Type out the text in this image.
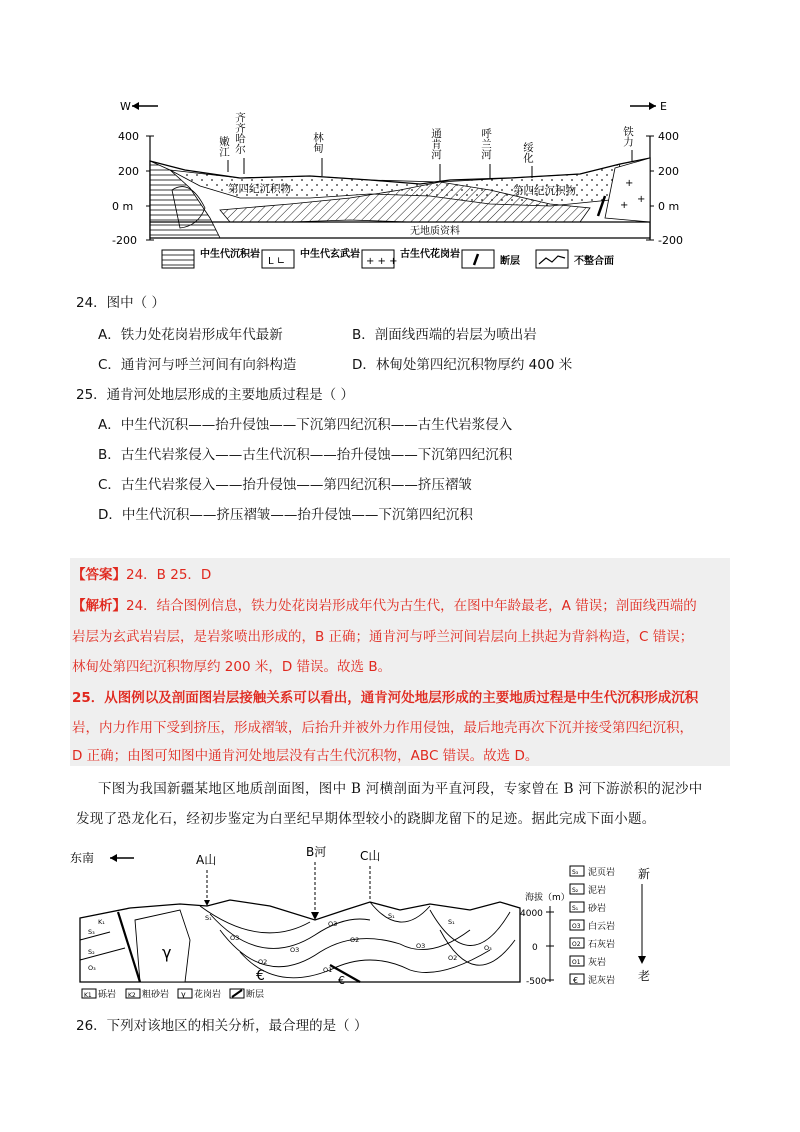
W	E
400
200
0 m
-200
400
200
0 m
-200
+
+
+
无地质资料
第四纪沉积物	第四纪沉积物
嫩江 齐齐哈尔	林甸	通肯河	呼兰河	绥化
铁力
中生代沉积岩
L ∟
中生代玄武岩
+ + +
古生代花岗岩
断层	不整合面
24．图中（ ）
A．铁力处花岗岩形成年代最新	B．剖面线西端的岩层为喷出岩
C．通肯河与呼兰河间有向斜构造	D．林甸处第四纪沉积物厚约 400 米
25．通肯河处地层形成的主要地质过程是（ ）
A．中生代沉积——抬升侵蚀——下沉第四纪沉积——古生代岩浆侵入
B．古生代岩浆侵入——古生代沉积——抬升侵蚀——下沉第四纪沉积
C．古生代岩浆侵入——抬升侵蚀——第四纪沉积——挤压褶皱
D．中生代沉积——挤压褶皱——抬升侵蚀——下沉第四纪沉积
【答案】24．B 25．D
【解析】24．结合图例信息，铁力处花岗岩形成年代为古生代，在图中年龄最老，A 错误；剖面线西端的
岩层为玄武岩岩层，是岩浆喷出形成的，B 正确；通肯河与呼兰河间岩层向上拱起为背斜构造，C 错误；
林甸处第四纪沉积物厚约 200 米，D 错误。故选 B。
25．从图例以及剖面图岩层接触关系可以看出，通肯河处地层形成的主要地质过程是中生代沉积形成沉积
岩，内力作用下受到挤压，形成褶皱，后抬升并被外力作用侵蚀，最后地壳再次下沉并接受第四纪沉积，
D 正确；由图可知图中通肯河处地层没有古生代沉积物，ABC 错误。故选 D。
下图为我国新疆某地区地质剖面图，图中 B 河横剖面为平直河段，专家曾在 B 河下游淤积的泥沙中
发现了恐龙化石，经初步鉴定为白垩纪早期体型较小的跷脚龙留下的足迹。据此完成下面小题。
东南	A山
B河	C山
γ
S₃
K₁
S₂
O₃
S₁
O3
O2
O3
O3
O2
O1
S₁
O3
S₁
O2
O₃
€	€
海拔（m）
4000
0
-500
S₃ 泥页岩
S₂ 泥岩
S₁ 砂岩
O3 白云岩
O2 石灰岩
O1 灰岩
€ 泥灰岩
新
老
K1 砾岩 K2 粗砂岩 γ 花岗岩	断层
26．下列对该地区的相关分析，最合理的是（ ）
